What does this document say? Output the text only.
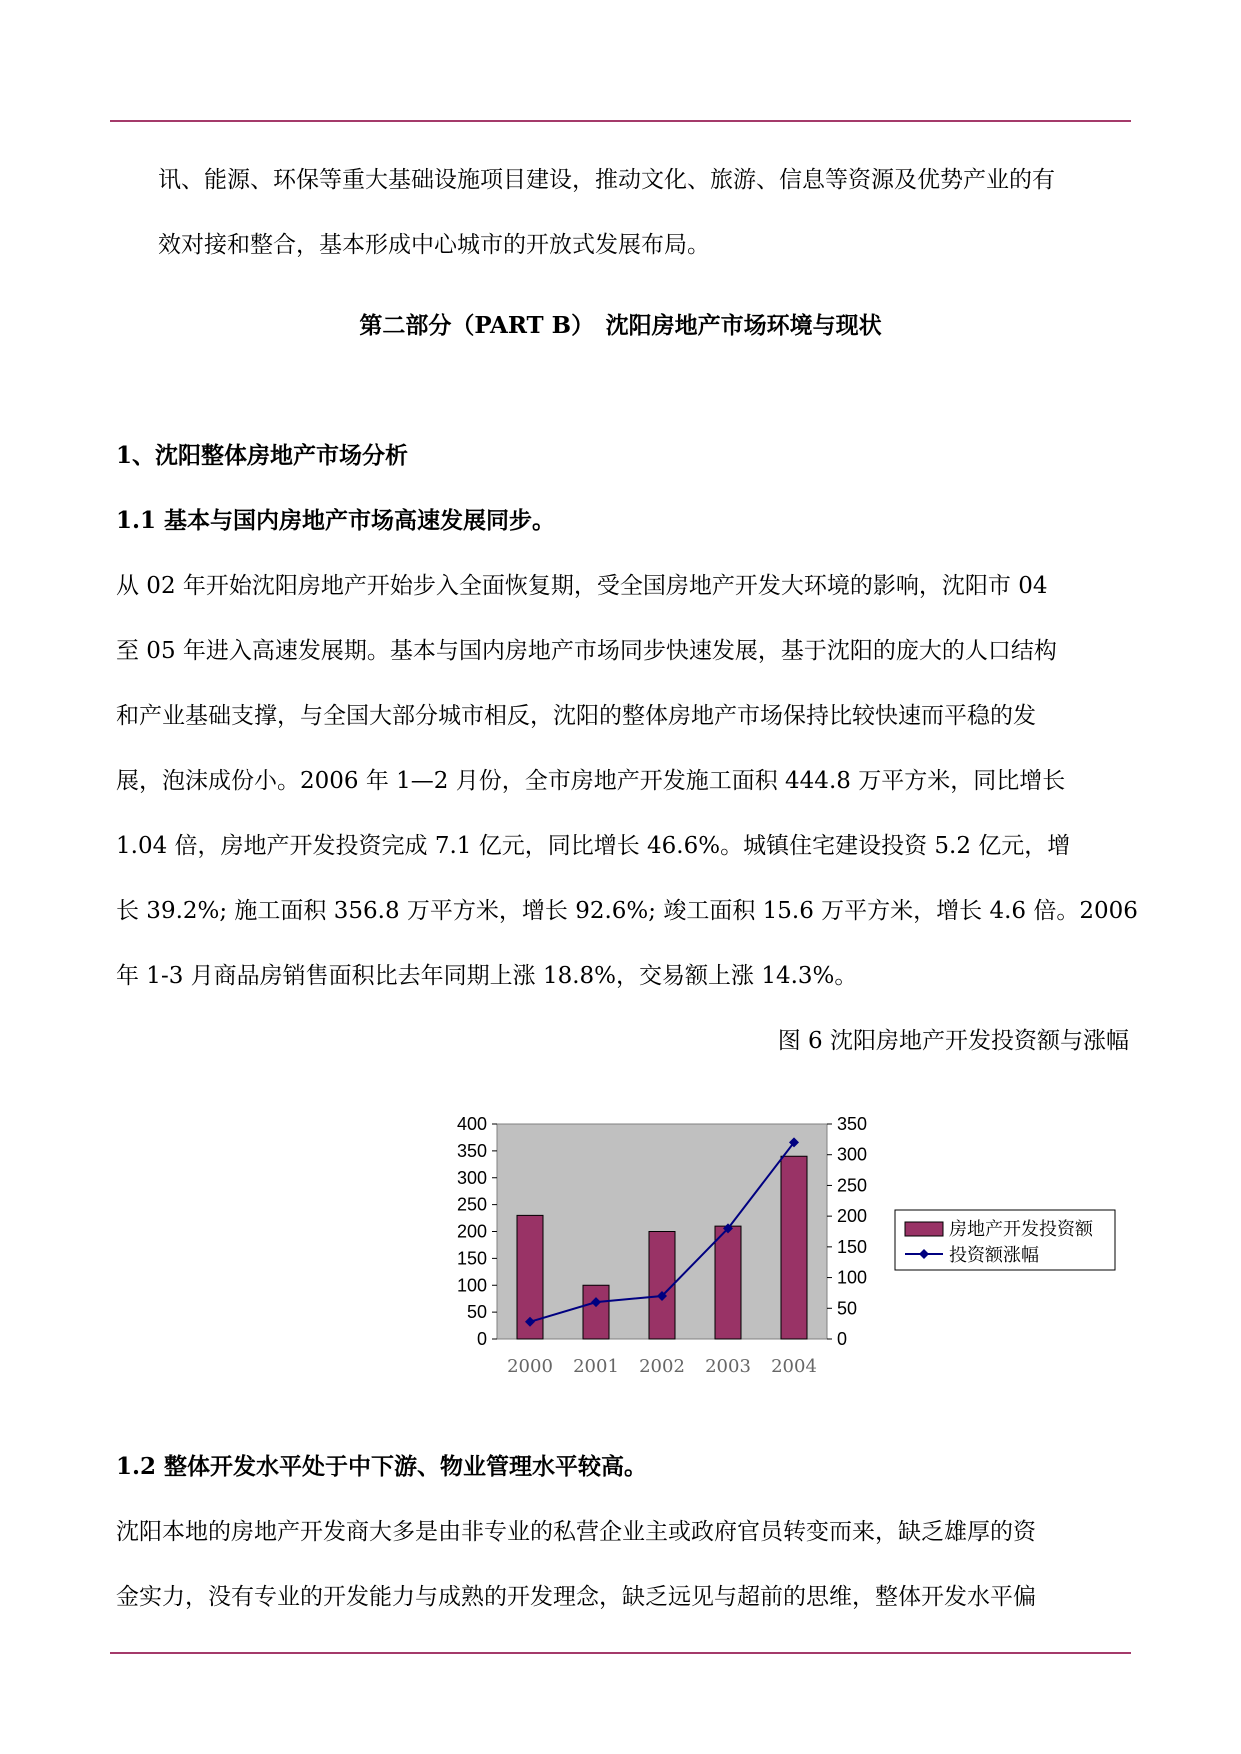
讯、能源、环保等重大基础设施项目建设，推动文化、旅游、信息等资源及优势产业的有
效对接和整合，基本形成中心城市的开放式发展布局。
第二部分（PART B）　沈阳房地产市场环境与现状
1、沈阳整体房地产市场分析
1.1 基本与国内房地产市场高速发展同步。
从 02 年开始沈阳房地产开始步入全面恢复期，受全国房地产开发大环境的影响，沈阳市 04
至 05 年进入高速发展期。基本与国内房地产市场同步快速发展，基于沈阳的庞大的人口结构
和产业基础支撑，与全国大部分城市相反，沈阳的整体房地产市场保持比较快速而平稳的发
展，泡沫成份小。2006 年 1—2 月份，全市房地产开发施工面积 444.8 万平方米，同比增长
1.04 倍，房地产开发投资完成 7.1 亿元，同比增长 46.6%。城镇住宅建设投资 5.2 亿元，增
长 39.2%; 施工面积 356.8 万平方米，增长 92.6%; 竣工面积 15.6 万平方米，增长 4.6 倍。2006
年 1-3 月商品房销售面积比去年同期上涨 18.8%，交易额上涨 14.3%。
图 6 沈阳房地产开发投资额与涨幅
0
50
100
150
200
250
300
350
400
0
50
100
150
200
250
300
350
2000 2001 2002 2003 2004
房地产开发投资额
投资额涨幅
1.2 整体开发水平处于中下游、物业管理水平较高。
沈阳本地的房地产开发商大多是由非专业的私营企业主或政府官员转变而来，缺乏雄厚的资
金实力，没有专业的开发能力与成熟的开发理念，缺乏远见与超前的思维，整体开发水平偏
